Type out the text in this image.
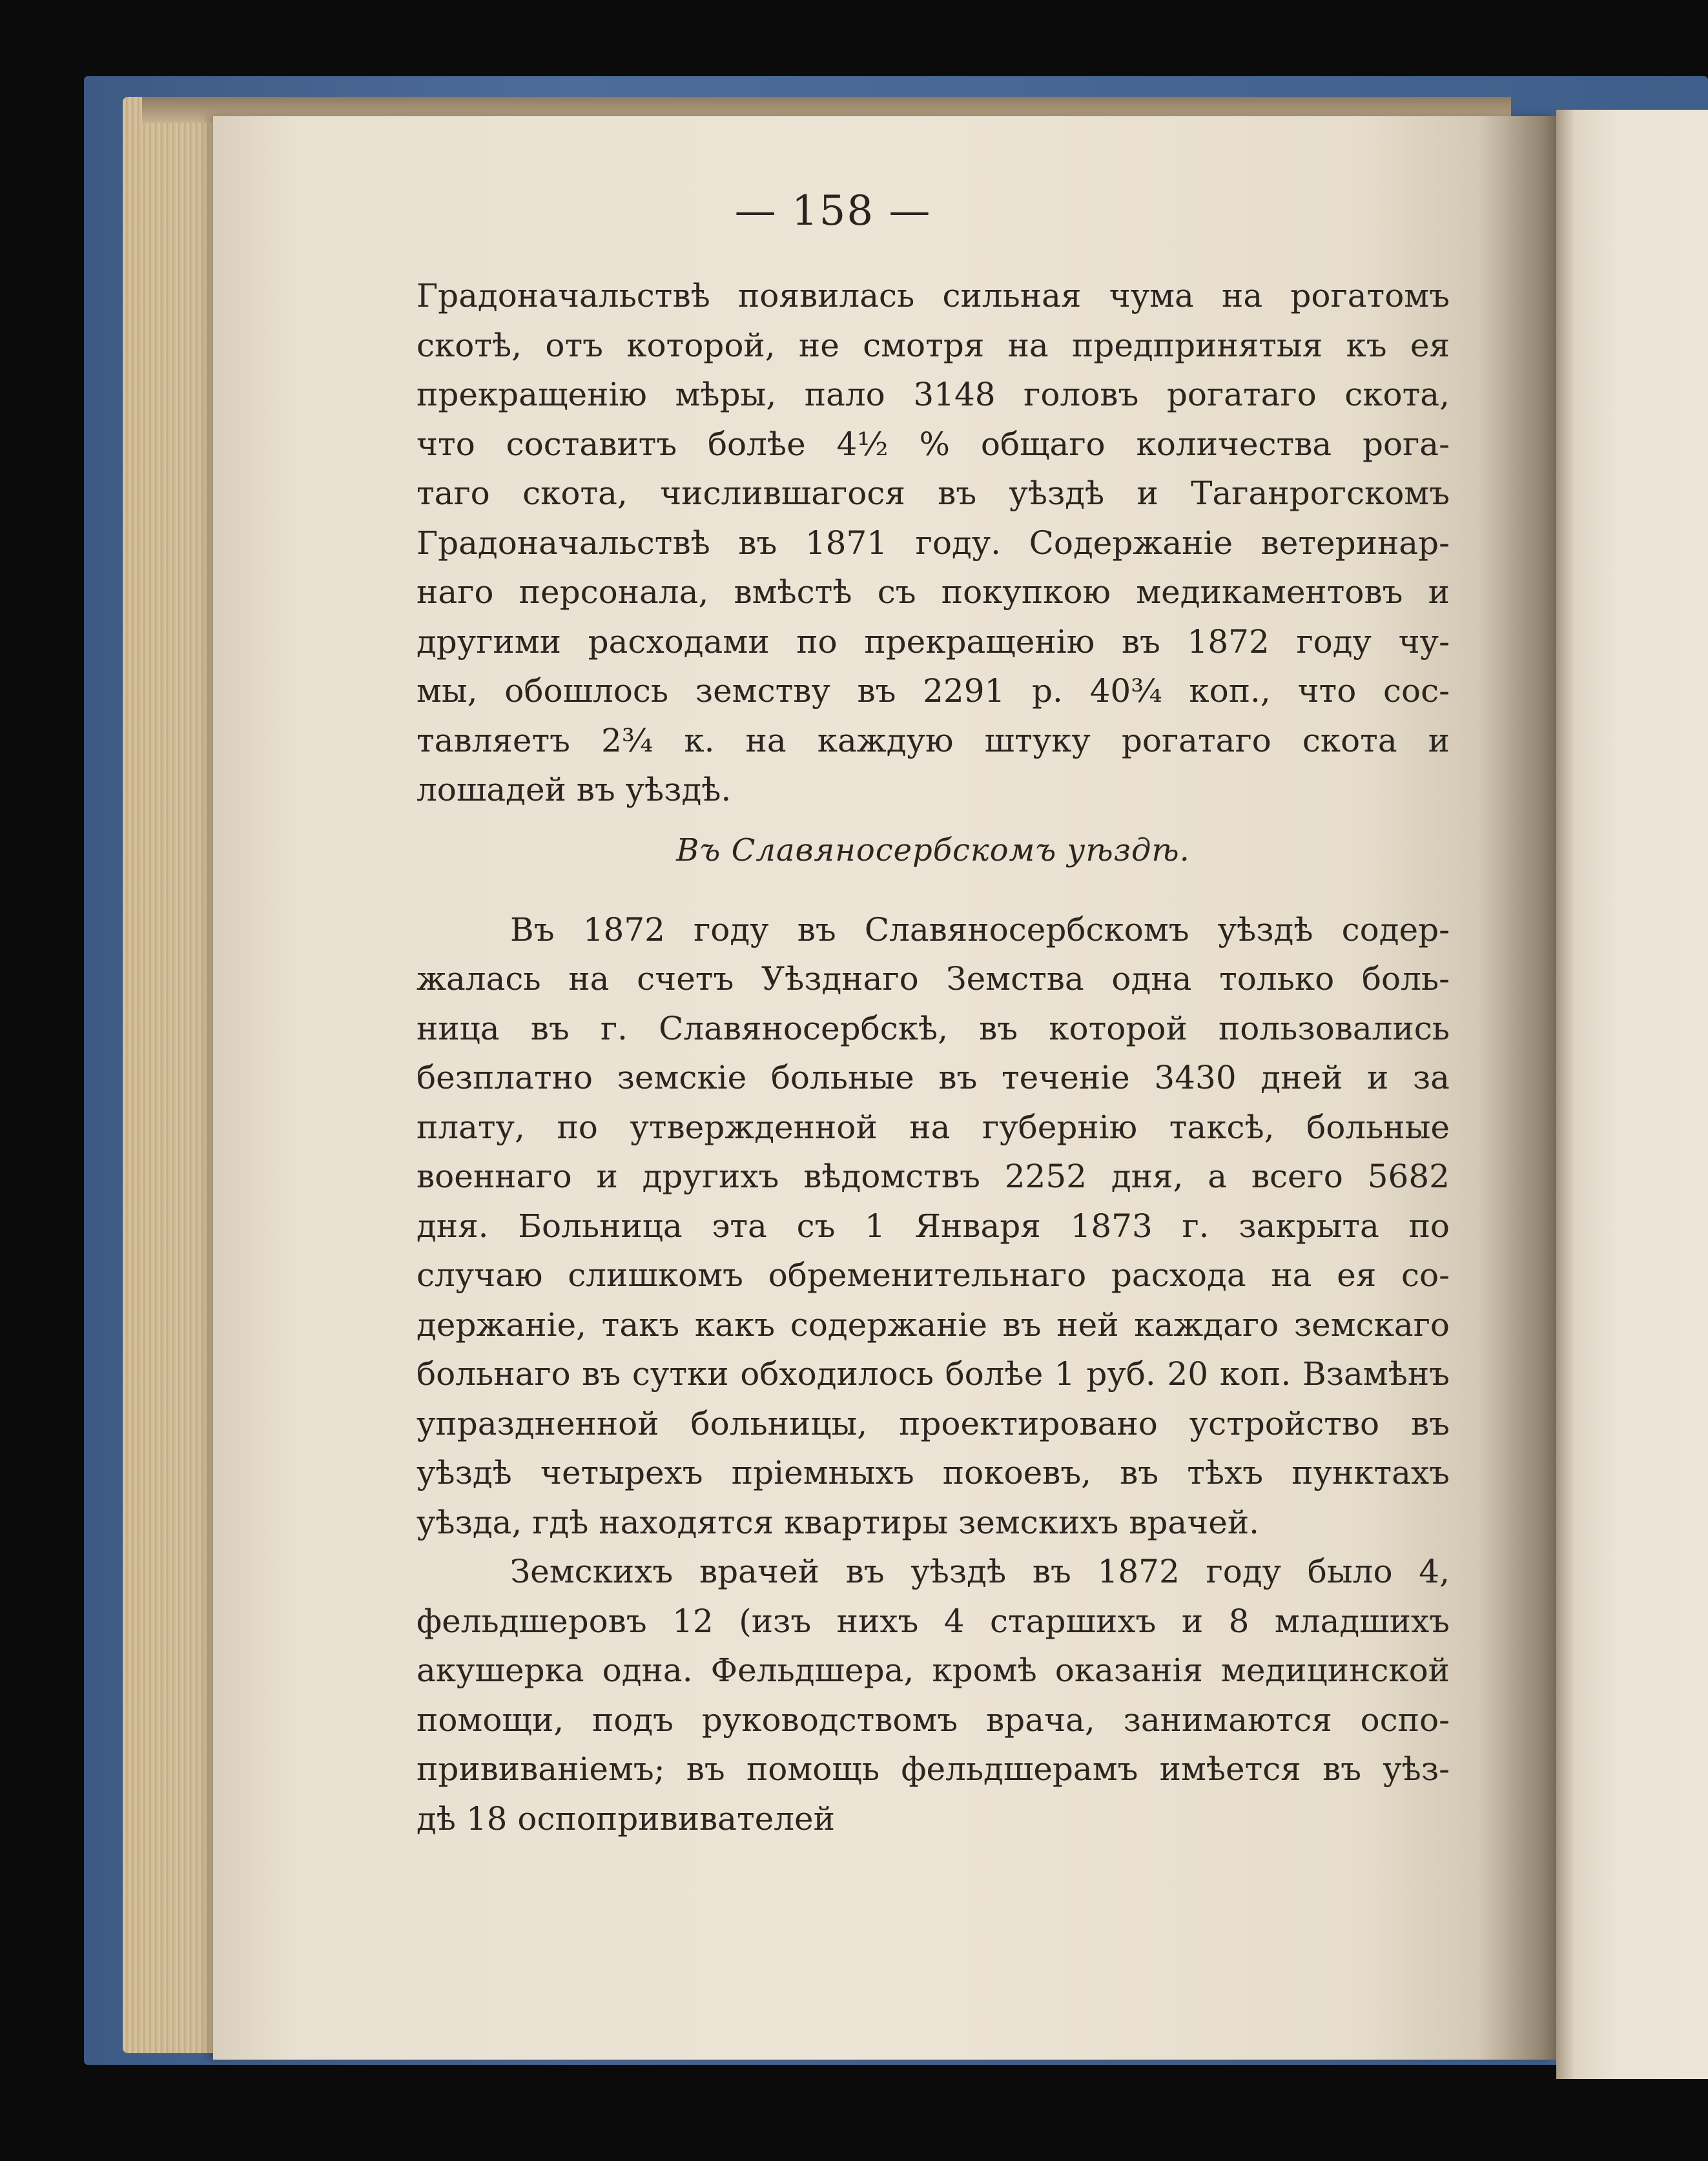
— 158 —
Градоначальствѣ появилась сильная чума на рогатомъ
скотѣ, отъ которой, не смотря на предпринятыя къ ея
прекращенію мѣры, пало 3148 головъ рогатаго скота,
что составитъ болѣе 4½ % общаго количества рога-
таго скота, числившагося въ уѣздѣ и Таганрогскомъ
Градоначальствѣ въ 1871 году. Содержаніе ветеринар-
наго персонала, вмѣстѣ съ покупкою медикаментовъ и
другими расходами по прекращенію въ 1872 году чу-
мы, обошлось земству въ 2291 р. 40¾ коп., что сос-
тавляетъ 2¾ к. на каждую штуку рогатаго скота и
лошадей въ уѣздѣ.
Въ Славяносербскомъ уѣздѣ.
Въ 1872 году въ Славяносербскомъ уѣздѣ содер-
жалась на счетъ Уѣзднаго Земства одна только боль-
ница въ г. Славяносербскѣ, въ которой пользовались
безплатно земскіе больные въ теченіе 3430 дней и за
плату, по утвержденной на губернію таксѣ, больные
военнаго и другихъ вѣдомствъ 2252 дня, а всего 5682
дня. Больница эта съ 1 Января 1873 г. закрыта по
случаю слишкомъ обременительнаго расхода на ея со-
держаніе, такъ какъ содержаніе въ ней каждаго земскаго
больнаго въ сутки обходилось болѣе 1 руб. 20 коп. Взамѣнъ
упраздненной больницы, проектировано устройство въ
уѣздѣ четырехъ пріемныхъ покоевъ, въ тѣхъ пунктахъ
уѣзда, гдѣ находятся квартиры земскихъ врачей.
Земскихъ врачей въ уѣздѣ въ 1872 году было 4,
фельдшеровъ 12 (изъ нихъ 4 старшихъ и 8 младшихъ
акушерка одна. Фельдшера, кромѣ оказанія медицинской
помощи, подъ руководствомъ врача, занимаются оспо-
прививаніемъ; въ помощь фельдшерамъ имѣется въ уѣз-
дѣ 18 оспопрививателей
